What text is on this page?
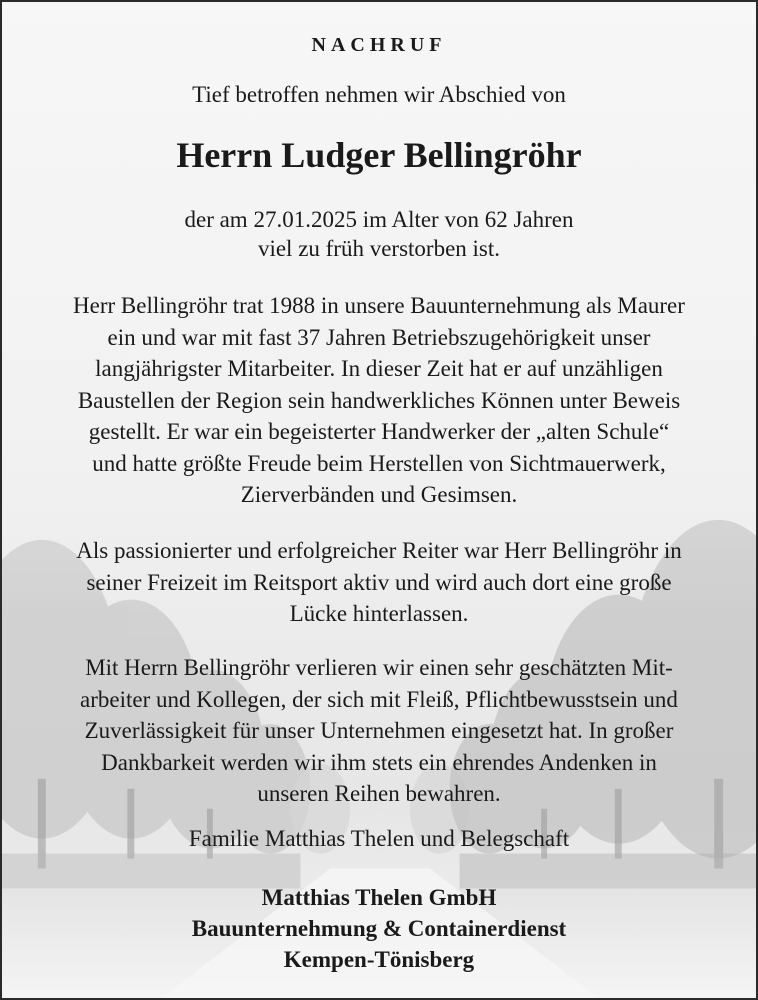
NACHRUF
Tief betroffen nehmen wir Abschied von
Herrn Ludger Bellingröhr
der am 27.01.2025 im Alter von 62 Jahren
viel zu früh verstorben ist.
Herr Bellingröhr trat 1988 in unsere Bauunternehmung als Maurer
ein und war mit fast 37 Jahren Betriebszugehörigkeit unser
langjährigster Mitarbeiter. In dieser Zeit hat er auf unzähligen
Baustellen der Region sein handwerkliches Können unter Beweis
gestellt. Er war ein begeisterter Handwerker der „alten Schule“
und hatte größte Freude beim Herstellen von Sichtmauerwerk,
Zierverbänden und Gesimsen.
Als passionierter und erfolgreicher Reiter war Herr Bellingröhr in
seiner Freizeit im Reitsport aktiv und wird auch dort eine große
Lücke hinterlassen.
Mit Herrn Bellingröhr verlieren wir einen sehr geschätzten Mit-
arbeiter und Kollegen, der sich mit Fleiß, Pflichtbewusstsein und
Zuverlässigkeit für unser Unternehmen eingesetzt hat. In großer
Dankbarkeit werden wir ihm stets ein ehrendes Andenken in
unseren Reihen bewahren.
Familie Matthias Thelen und Belegschaft
Matthias Thelen GmbH
Bauunternehmung & Containerdienst
Kempen-Tönisberg
